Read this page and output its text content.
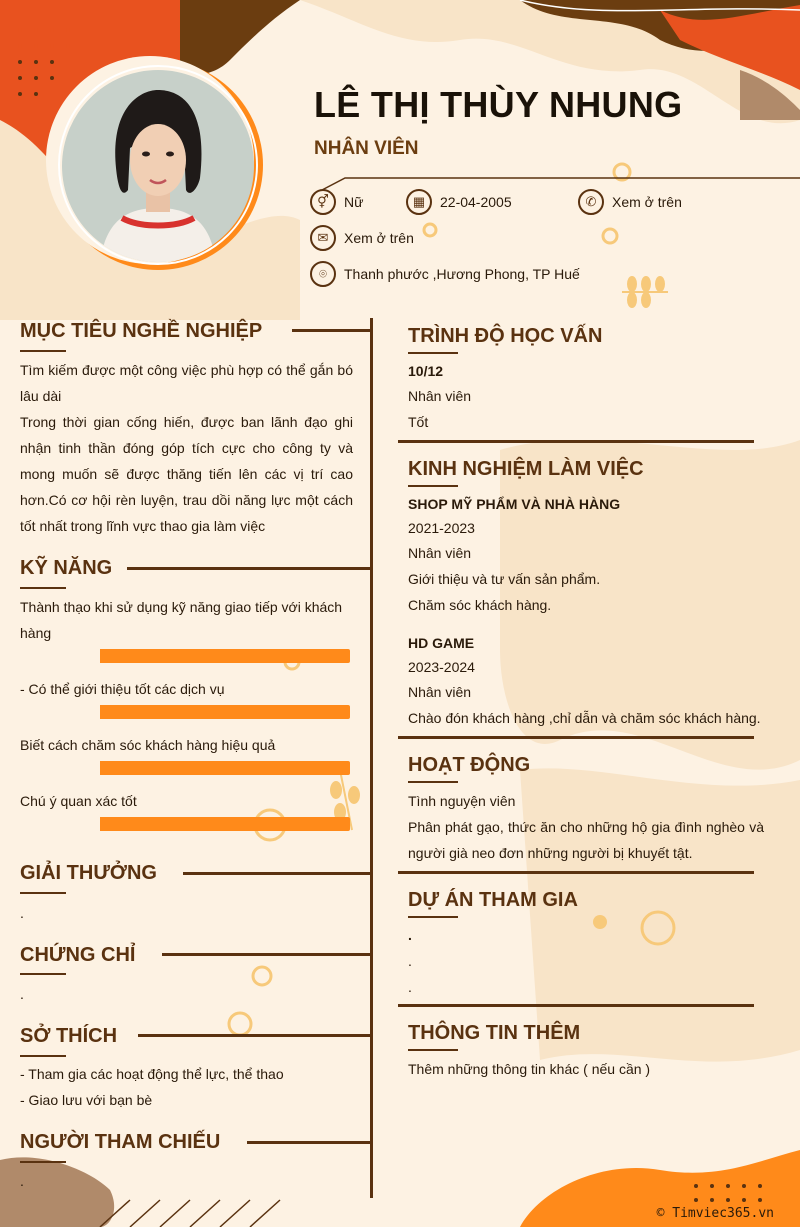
LÊ THỊ THÙY NHUNG
NHÂN VIÊN
⚥	Nữ	▦	22-04-2005	✆	Xem ở trên
✉	Xem ở trên
⌾	Thanh phước ,Hương Phong, TP Huế
MỤC TIÊU NGHỀ NGHIỆP
Tìm kiếm được một công việc phù hợp có thể gắn bó lâu dài
Trong thời gian cống hiến, được ban lãnh đạo ghi nhận tinh thần đóng góp tích cực cho công ty và mong muốn sẽ được thăng tiến lên các vị trí cao hơn.Có cơ hội rèn luyện, trau dồi năng lực một cách tốt nhất trong lĩnh vực thao gia làm việc
KỸ NĂNG
Thành thạo khi sử dụng kỹ năng giao tiếp với khách hàng
- Có thể giới thiệu tốt các dịch vụ
Biết cách chăm sóc khách hàng hiệu quả
Chú ý quan xác tốt
GIẢI THƯỞNG
.
CHỨNG CHỈ
.
SỞ THÍCH
- Tham gia các hoạt động thể lực, thể thao
- Giao lưu với bạn bè
NGƯỜI THAM CHIẾU
.
TRÌNH ĐỘ HỌC VẤN
10/12
Nhân viên
Tốt
KINH NGHIỆM LÀM VIỆC
SHOP MỸ PHẨM VÀ NHÀ HÀNG
2021-2023
Nhân viên
Giới thiệu và tư vấn sản phẩm.
Chăm sóc khách hàng.
HD GAME
2023-2024
Nhân viên
Chào đón khách hàng ,chỉ dẫn và chăm sóc khách hàng.
HOẠT ĐỘNG
Tình nguyện viên
Phân phát gạo, thức ăn cho những hộ gia đình nghèo và người già neo đơn những người bị khuyết tật.
DỰ ÁN THAM GIA
.
.
.
THÔNG TIN THÊM
Thêm những thông tin khác ( nếu cần )
© Timviec365.vn
